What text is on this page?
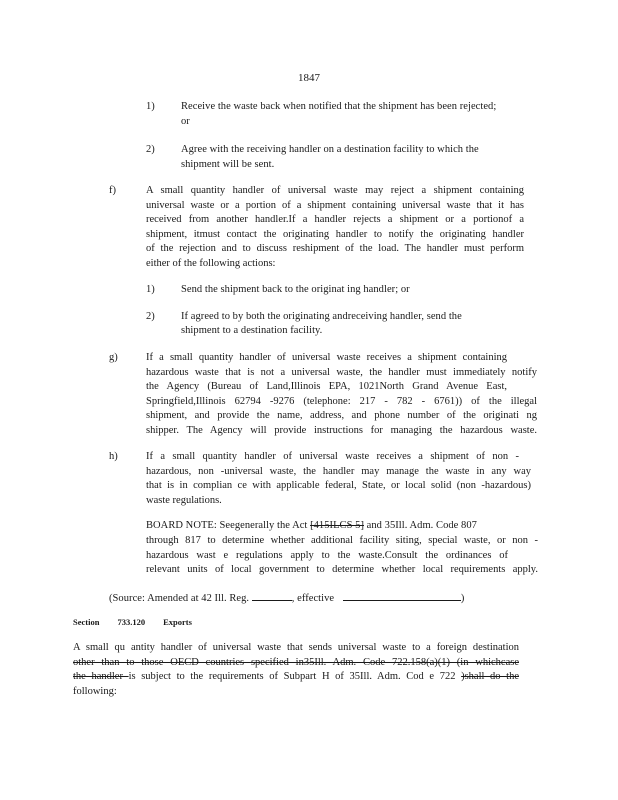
1847
1) Receive the waste back when notified that the shipment has been rejected;
or
2) Agree with the receiving handler on a destination facility to which the
shipment will be sent.
f)	A small quantity handler of universal waste may reject a shipment containing
universal waste or a portion of a shipment containing universal waste that it has
received from another handler.If a handler rejects a shipment or a portionof a
shipment, itmust contact the originating handler to notify the originating handler
of the rejection and to discuss reshipment of the load. The handler must perform
either of the following actions:
1) Send the shipment back to the originat ing handler; or
2) If agreed to by both the originating andreceiving handler, send the
shipment to a destination facility.
g)	If a small quantity handler of universal waste receives a shipment containing
hazardous waste that is not a universal waste, the handler must immediately notify
the Agency (Bureau of Land,Illinois EPA, 1021North Grand Avenue East,
Springfield,Illinois 62794 -9276 (telephone: 217 - 782 - 6761)) of the illegal
shipment, and provide the name, address, and phone number of the originati ng
shipper. The Agency will provide instructions for managing the hazardous waste.
h)	If a small quantity handler of universal waste receives a shipment of non -
hazardous, non -universal waste, the handler may manage the waste in any way
that is in complian ce with applicable federal, State, or local solid (non -hazardous)
waste regulations.
BOARD NOTE: Seegenerally the Act [415ILCS 5] and 35Ill. Adm. Code 807
through 817 to determine whether additional facility siting, special waste, or non -
hazardous wast e regulations apply to the waste.Consult the ordinances of
relevant units of local government to determine whether local requirements apply.
(Source: Amended at 42 Ill. Reg.	, effective	)
Section 733.120 Exports
A small qu antity handler of universal waste that sends universal waste to a foreign destination
other than to those OECD countries specified in35Ill. Adm. Code 722.158(a)(1) (in whichcase
the handler is subject to the requirements of Subpart H of 35Ill. Adm. Cod e 722 )shall do the
following:
